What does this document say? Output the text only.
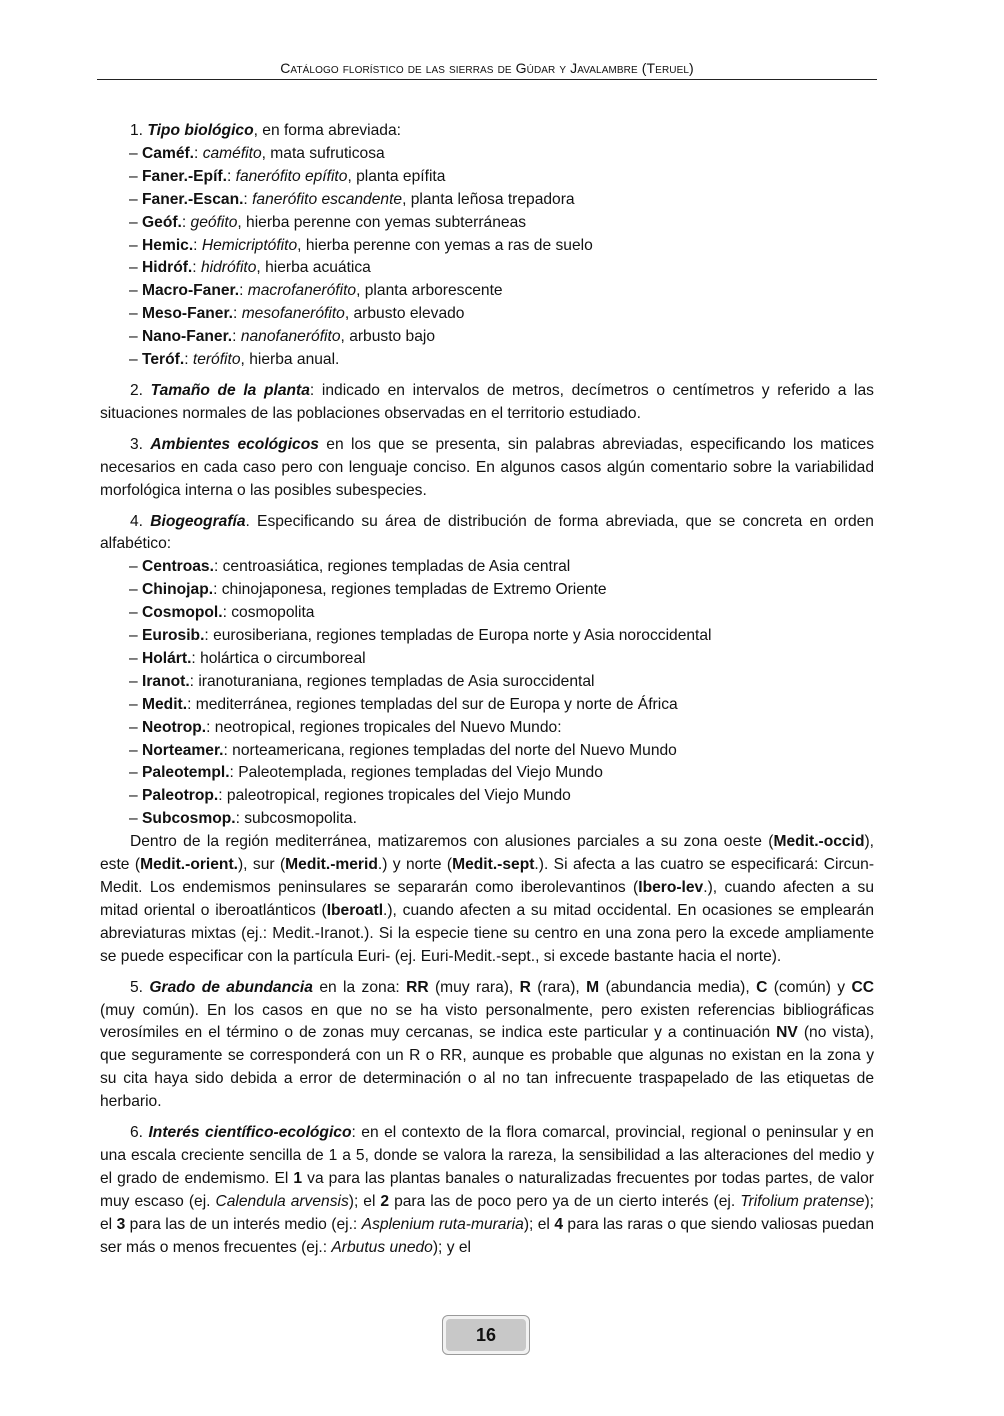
Catálogo florístico de las sierras de Gúdar y Javalambre (Teruel)

1. Tipo biológico, en forma abreviada:

– Caméf.: caméfito, mata sufruticosa
– Faner.-Epíf.: fanerófito epífito, planta epífita
– Faner.-Escan.: fanerófito escandente, planta leñosa trepadora
– Geóf.: geófito, hierba perenne con yemas subterráneas
– Hemic.: Hemicriptófito, hierba perenne con yemas a ras de suelo
– Hidróf.: hidrófito, hierba acuática
– Macro-Faner.: macrofanerófito, planta arborescente
– Meso-Faner.: mesofanerófito, arbusto elevado
– Nano-Faner.: nanofanerófito, arbusto bajo
– Teróf.: terófito, hierba anual.

2. Tamaño de la planta: indicado en intervalos de metros, decímetros o centímetros y referido a las situaciones normales de las poblaciones observadas en el territorio estudiado.

3. Ambientes ecológicos en los que se presenta, sin palabras abreviadas, especificando los matices necesarios en cada caso pero con lenguaje conciso. En algunos casos algún comentario sobre la variabilidad morfológica interna o las posibles subespecies.

4. Biogeografía. Especificando su área de distribución de forma abreviada, que se concreta en orden alfabético:

– Centroas.: centroasiática, regiones templadas de Asia central
– Chinojap.: chinojaponesa, regiones templadas de Extremo Oriente
– Cosmopol.: cosmopolita
– Eurosib.: eurosiberiana, regiones templadas de Europa norte y Asia noroccidental
– Holárt.: holártica o circumboreal
– Iranot.: iranoturaniana, regiones templadas de Asia suroccidental
– Medit.: mediterránea, regiones templadas del sur de Europa y norte de África
– Neotrop.: neotropical, regiones tropicales del Nuevo Mundo:
– Norteamer.: norteamericana, regiones templadas del norte del Nuevo Mundo
– Paleotempl.: Paleotemplada, regiones templadas del Viejo Mundo
– Paleotrop.: paleotropical, regiones tropicales del Viejo Mundo
– Subcosmop.: subcosmopolita.

Dentro de la región mediterránea, matizaremos con alusiones parciales a su zona oeste (Medit.-occid), este (Medit.-orient.), sur (Medit.-merid.) y norte (Medit.-sept.). Si afecta a las cuatro se especificará: Circun-Medit. Los endemismos peninsulares se separarán como iberolevantinos (Ibero-lev.), cuando afecten a su mitad oriental o iberoatlánticos (Iberoatl.), cuando afecten a su mitad occidental. En ocasiones se emplearán abreviaturas mixtas (ej.: Medit.-Iranot.). Si la especie tiene su centro en una zona pero la excede ampliamente se puede especificar con la partícula Euri- (ej. Euri-Medit.-sept., si excede bastante hacia el norte).

5. Grado de abundancia en la zona: RR (muy rara), R (rara), M (abundancia media), C (común) y CC (muy común). En los casos en que no se ha visto personalmente, pero existen referencias bibliográficas verosímiles en el término o de zonas muy cercanas, se indica este particular y a continuación NV (no vista), que seguramente se corresponderá con un R o RR, aunque es probable que algunas no existan en la zona y su cita haya sido debida a error de determinación o al no tan infrecuente traspapelado de las etiquetas de herbario.

6. Interés científico-ecológico: en el contexto de la flora comarcal, provincial, regional o peninsular y en una escala creciente sencilla de 1 a 5, donde se valora la rareza, la sensibilidad a las alteraciones del medio y el grado de endemismo. El 1 va para las plantas banales o naturalizadas frecuentes por todas partes, de valor muy escaso (ej. Calendula arvensis); el 2 para las de poco pero ya de un cierto interés (ej. Trifolium pratense); el 3 para las de un interés medio (ej.: Asplenium ruta-muraria); el 4 para las raras o que siendo valiosas puedan ser más o menos frecuentes (ej.: Arbutus unedo); y el

16
